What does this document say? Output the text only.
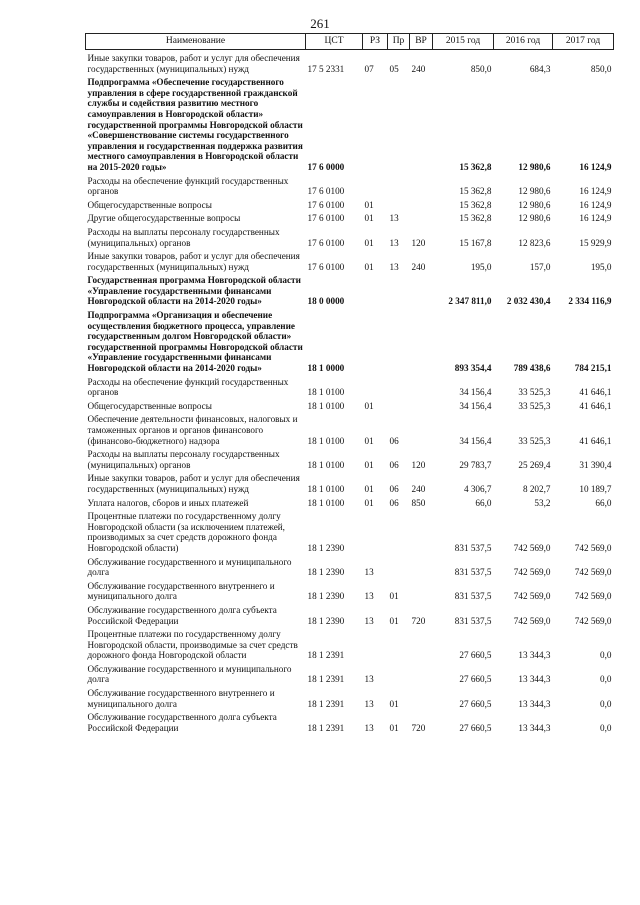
261
Наименование	ЦСТ	РЗ	Пр	ВР	2015 год	2016 год	2017 год
Иные закупки товаров, работ и услуг для обеспечения государственных (муниципальных) нужд	17 5 2331	07	05	240	850,0	684,3	850,0
Подпрограмма «Обеспечение государственного управления в сфере государственной гражданской службы и содействия развитию местного самоуправления в Новгородской области» государственной программы Новгородской области «Совершенствование системы государственного управления и государственная поддержка развития местного самоуправления в Новгородской области на 2015-2020 годы»	17 6 0000				15 362,8	12 980,6	16 124,9
Расходы на обеспечение функций государственных органов	17 6 0100				15 362,8	12 980,6	16 124,9
Общегосударственные вопросы	17 6 0100	01			15 362,8	12 980,6	16 124,9
Другие общегосударственные вопросы	17 6 0100	01	13		15 362,8	12 980,6	16 124,9
Расходы на выплаты персоналу государственных (муниципальных) органов	17 6 0100	01	13	120	15 167,8	12 823,6	15 929,9
Иные закупки товаров, работ и услуг для обеспечения государственных (муниципальных) нужд	17 6 0100	01	13	240	195,0	157,0	195,0
Государственная программа Новгородской области «Управление государственными финансами Новгородской области на 2014-2020 годы»	18 0 0000				2 347 811,0	2 032 430,4	2 334 116,9
Подпрограмма «Организация и обеспечение осуществления бюджетного процесса, управление государственным долгом Новгородской области» государственной программы Новгородской области «Управление государственными финансами Новгородской области на 2014-2020 годы»	18 1 0000				893 354,4	789 438,6	784 215,1
Расходы на обеспечение функций государственных органов	18 1 0100				34 156,4	33 525,3	41 646,1
Общегосударственные вопросы	18 1 0100	01			34 156,4	33 525,3	41 646,1
Обеспечение деятельности финансовых, налоговых и таможенных органов и органов финансового (финансово-бюджетного) надзора	18 1 0100	01	06		34 156,4	33 525,3	41 646,1
Расходы на выплаты персоналу государственных (муниципальных) органов	18 1 0100	01	06	120	29 783,7	25 269,4	31 390,4
Иные закупки товаров, работ и услуг для обеспечения государственных (муниципальных) нужд	18 1 0100	01	06	240	4 306,7	8 202,7	10 189,7
Уплата налогов, сборов и иных платежей	18 1 0100	01	06	850	66,0	53,2	66,0
Процентные платежи по государственному долгу Новгородской области (за исключением платежей, производимых за счет средств дорожного фонда Новгородской области)	18 1 2390				831 537,5	742 569,0	742 569,0
Обслуживание государственного и муниципального долга	18 1 2390	13			831 537,5	742 569,0	742 569,0
Обслуживание государственного внутреннего и муниципального долга	18 1 2390	13	01		831 537,5	742 569,0	742 569,0
Обслуживание государственного долга субъекта Российской Федерации	18 1 2390	13	01	720	831 537,5	742 569,0	742 569,0
Процентные платежи по государственному долгу Новгородской области, производимые за счет средств дорожного фонда Новгородской области	18 1 2391				27 660,5	13 344,3	0,0
Обслуживание государственного и муниципального долга	18 1 2391	13			27 660,5	13 344,3	0,0
Обслуживание государственного внутреннего и муниципального долга	18 1 2391	13	01		27 660,5	13 344,3	0,0
Обслуживание государственного долга субъекта Российской Федерации	18 1 2391	13	01	720	27 660,5	13 344,3	0,0
